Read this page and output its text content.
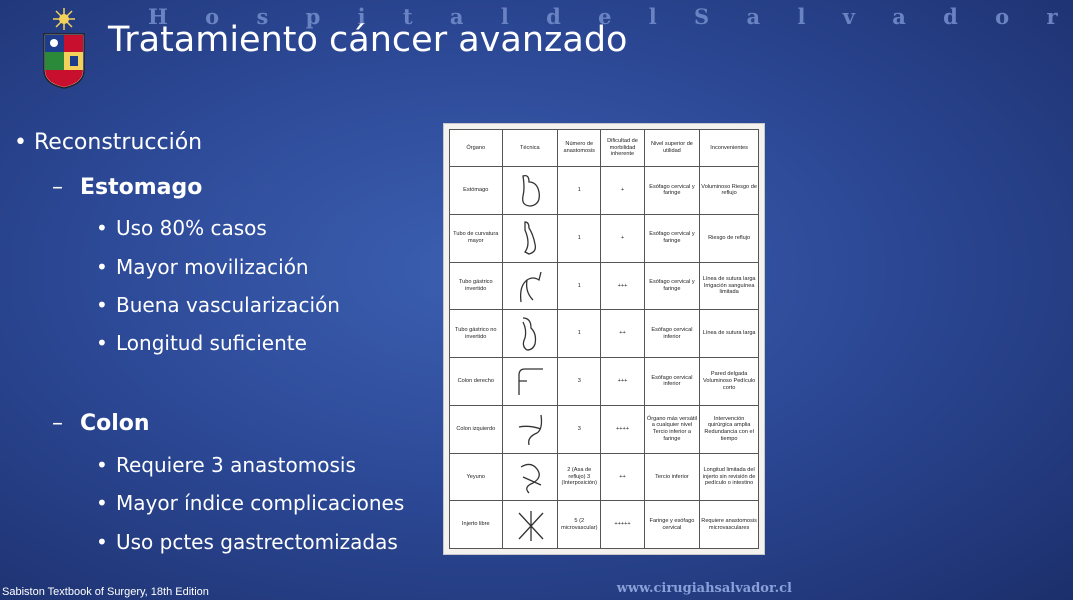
H o s p i t a l d e l S a l v a d o r
Tratamiento cáncer avanzado
• Reconstrucción
– Estomago
• Uso 80% casos
• Mayor movilización
• Buena vascularización
• Longitud suficiente
– Colon
• Requiere 3 anastomosis
• Mayor índice complicaciones
• Uso pctes gastrectomizadas
Órgano	Técnica	Número de anastomosis	Dificultad de morbilidad inherente	Nivel superior de utilidad	Inconvenientes
Estómago		1	+	Esófago cervical y faringe	Voluminoso Riesgo de reflujo
Tubo de curvatura mayor		1	+	Esófago cervical y faringe	Riesgo de reflujo
Tubo gástrico invertido		1	+++	Esófago cervical y faringe	Línea de sutura larga Irrigación sanguínea limitada
Tubo gástrico no invertido		1	++	Esófago cervical inferior	Línea de sutura larga
Colon derecho		3	+++	Esófago cervical inferior	Pared delgada Voluminoso Pedículo corto
Colon izquierdo		3	++++	Órgano más versátil a cualquier nivel Tercio inferior a faringe	Intervención quirúrgica amplia Redundancia con el tiempo
Yeyuno		2 (Asa de reflujo) 3 (Interposición)	++	Tercio inferior	Longitud limitada del injerto sin revisión de pedículo o intestino
Injerto libre		5 (2 microvascular)	+++++	Faringe y esófago cervical	Requiere anastomosis microvasculares
Sabiston Textbook of Surgery, 18th Edition	www.cirugiahsalvador.cl
